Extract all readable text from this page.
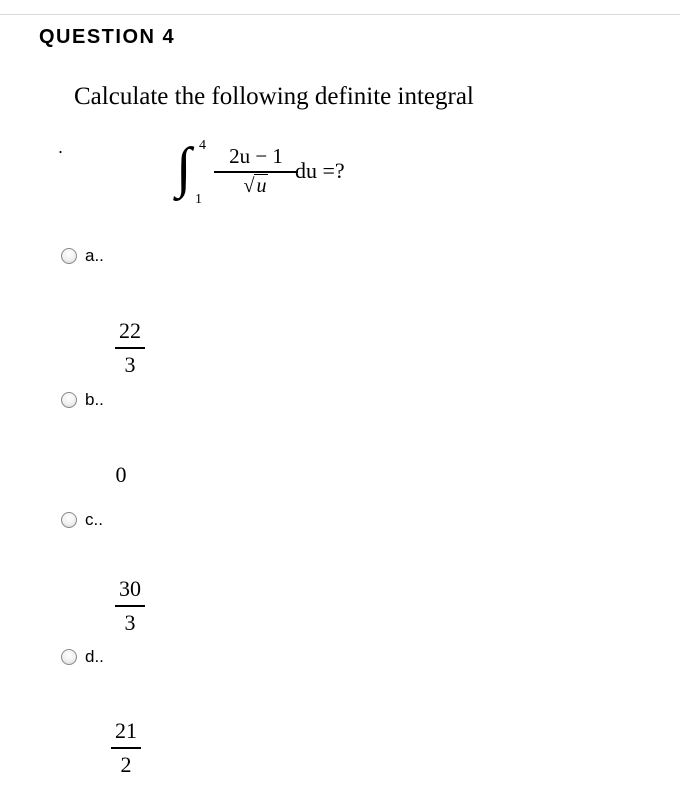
QUESTION 4
Calculate the following definite integral
. ∫ 4
1
2u − 1
√ u
du =?
a..
22
3
b..
0
c..
30
3
d..
21
2
